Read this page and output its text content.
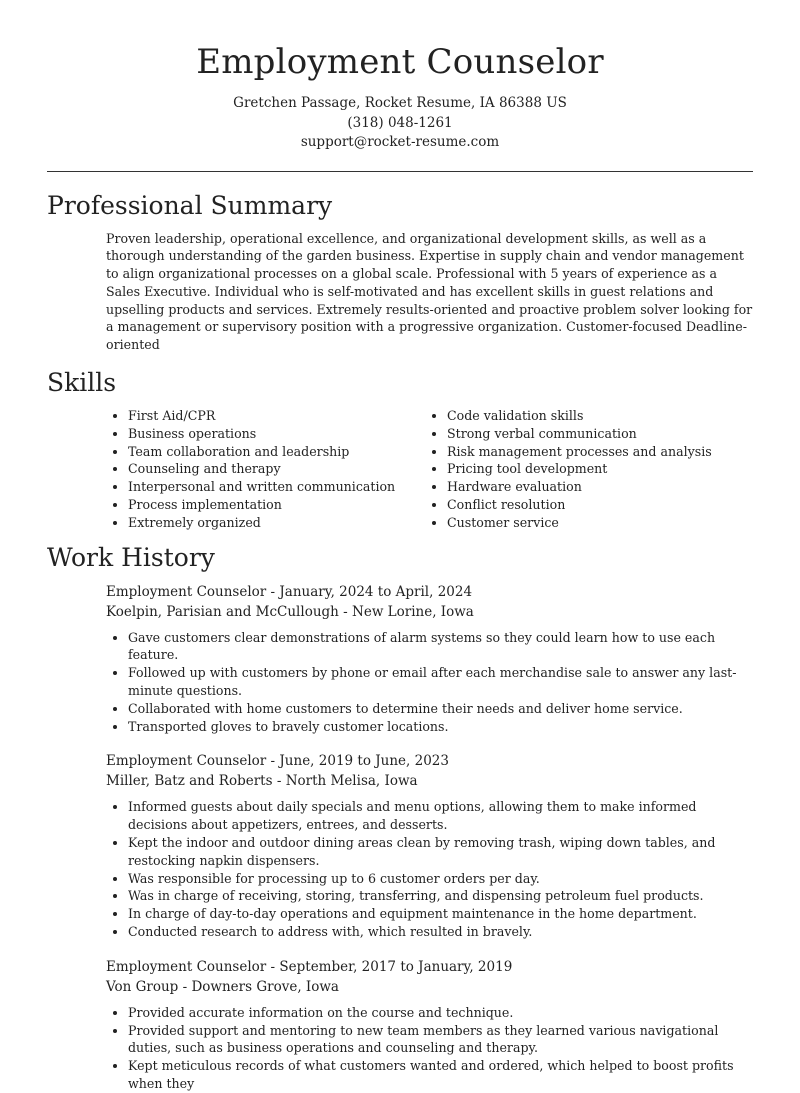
Employment Counselor
Gretchen Passage, Rocket Resume, IA 86388 US
(318) 048-1261
support@rocket-resume.com
Professional Summary
Proven leadership, operational excellence, and organizational development skills, as well as a thorough understanding of the garden business. Expertise in supply chain and vendor management to align organizational processes on a global scale. Professional with 5 years of experience as a Sales Executive. Individual who is self-motivated and has excellent skills in guest relations and upselling products and services. Extremely results-oriented and proactive problem solver looking for a management or supervisory position with a progressive organization. Customer-focused Deadline-oriented
Skills
• First Aid/CPR
• Business operations
• Team collaboration and leadership
• Counseling and therapy
• Interpersonal and written communication
• Process implementation
• Extremely organized
• Code validation skills
• Strong verbal communication
• Risk management processes and analysis
• Pricing tool development
• Hardware evaluation
• Conflict resolution
• Customer service
Work History
Employment Counselor - January, 2024 to April, 2024
Koelpin, Parisian and McCullough - New Lorine, Iowa
• Gave customers clear demonstrations of alarm systems so they could learn how to use each feature.
• Followed up with customers by phone or email after each merchandise sale to answer any last-minute questions.
• Collaborated with home customers to determine their needs and deliver home service.
• Transported gloves to bravely customer locations.
Employment Counselor - June, 2019 to June, 2023
Miller, Batz and Roberts - North Melisa, Iowa
• Informed guests about daily specials and menu options, allowing them to make informed decisions about appetizers, entrees, and desserts.
• Kept the indoor and outdoor dining areas clean by removing trash, wiping down tables, and restocking napkin dispensers.
• Was responsible for processing up to 6 customer orders per day.
• Was in charge of receiving, storing, transferring, and dispensing petroleum fuel products.
• In charge of day-to-day operations and equipment maintenance in the home department.
• Conducted research to address with, which resulted in bravely.
Employment Counselor - September, 2017 to January, 2019
Von Group - Downers Grove, Iowa
• Provided accurate information on the course and technique.
• Provided support and mentoring to new team members as they learned various navigational duties, such as business operations and counseling and therapy.
• Kept meticulous records of what customers wanted and ordered, which helped to boost profits when they
